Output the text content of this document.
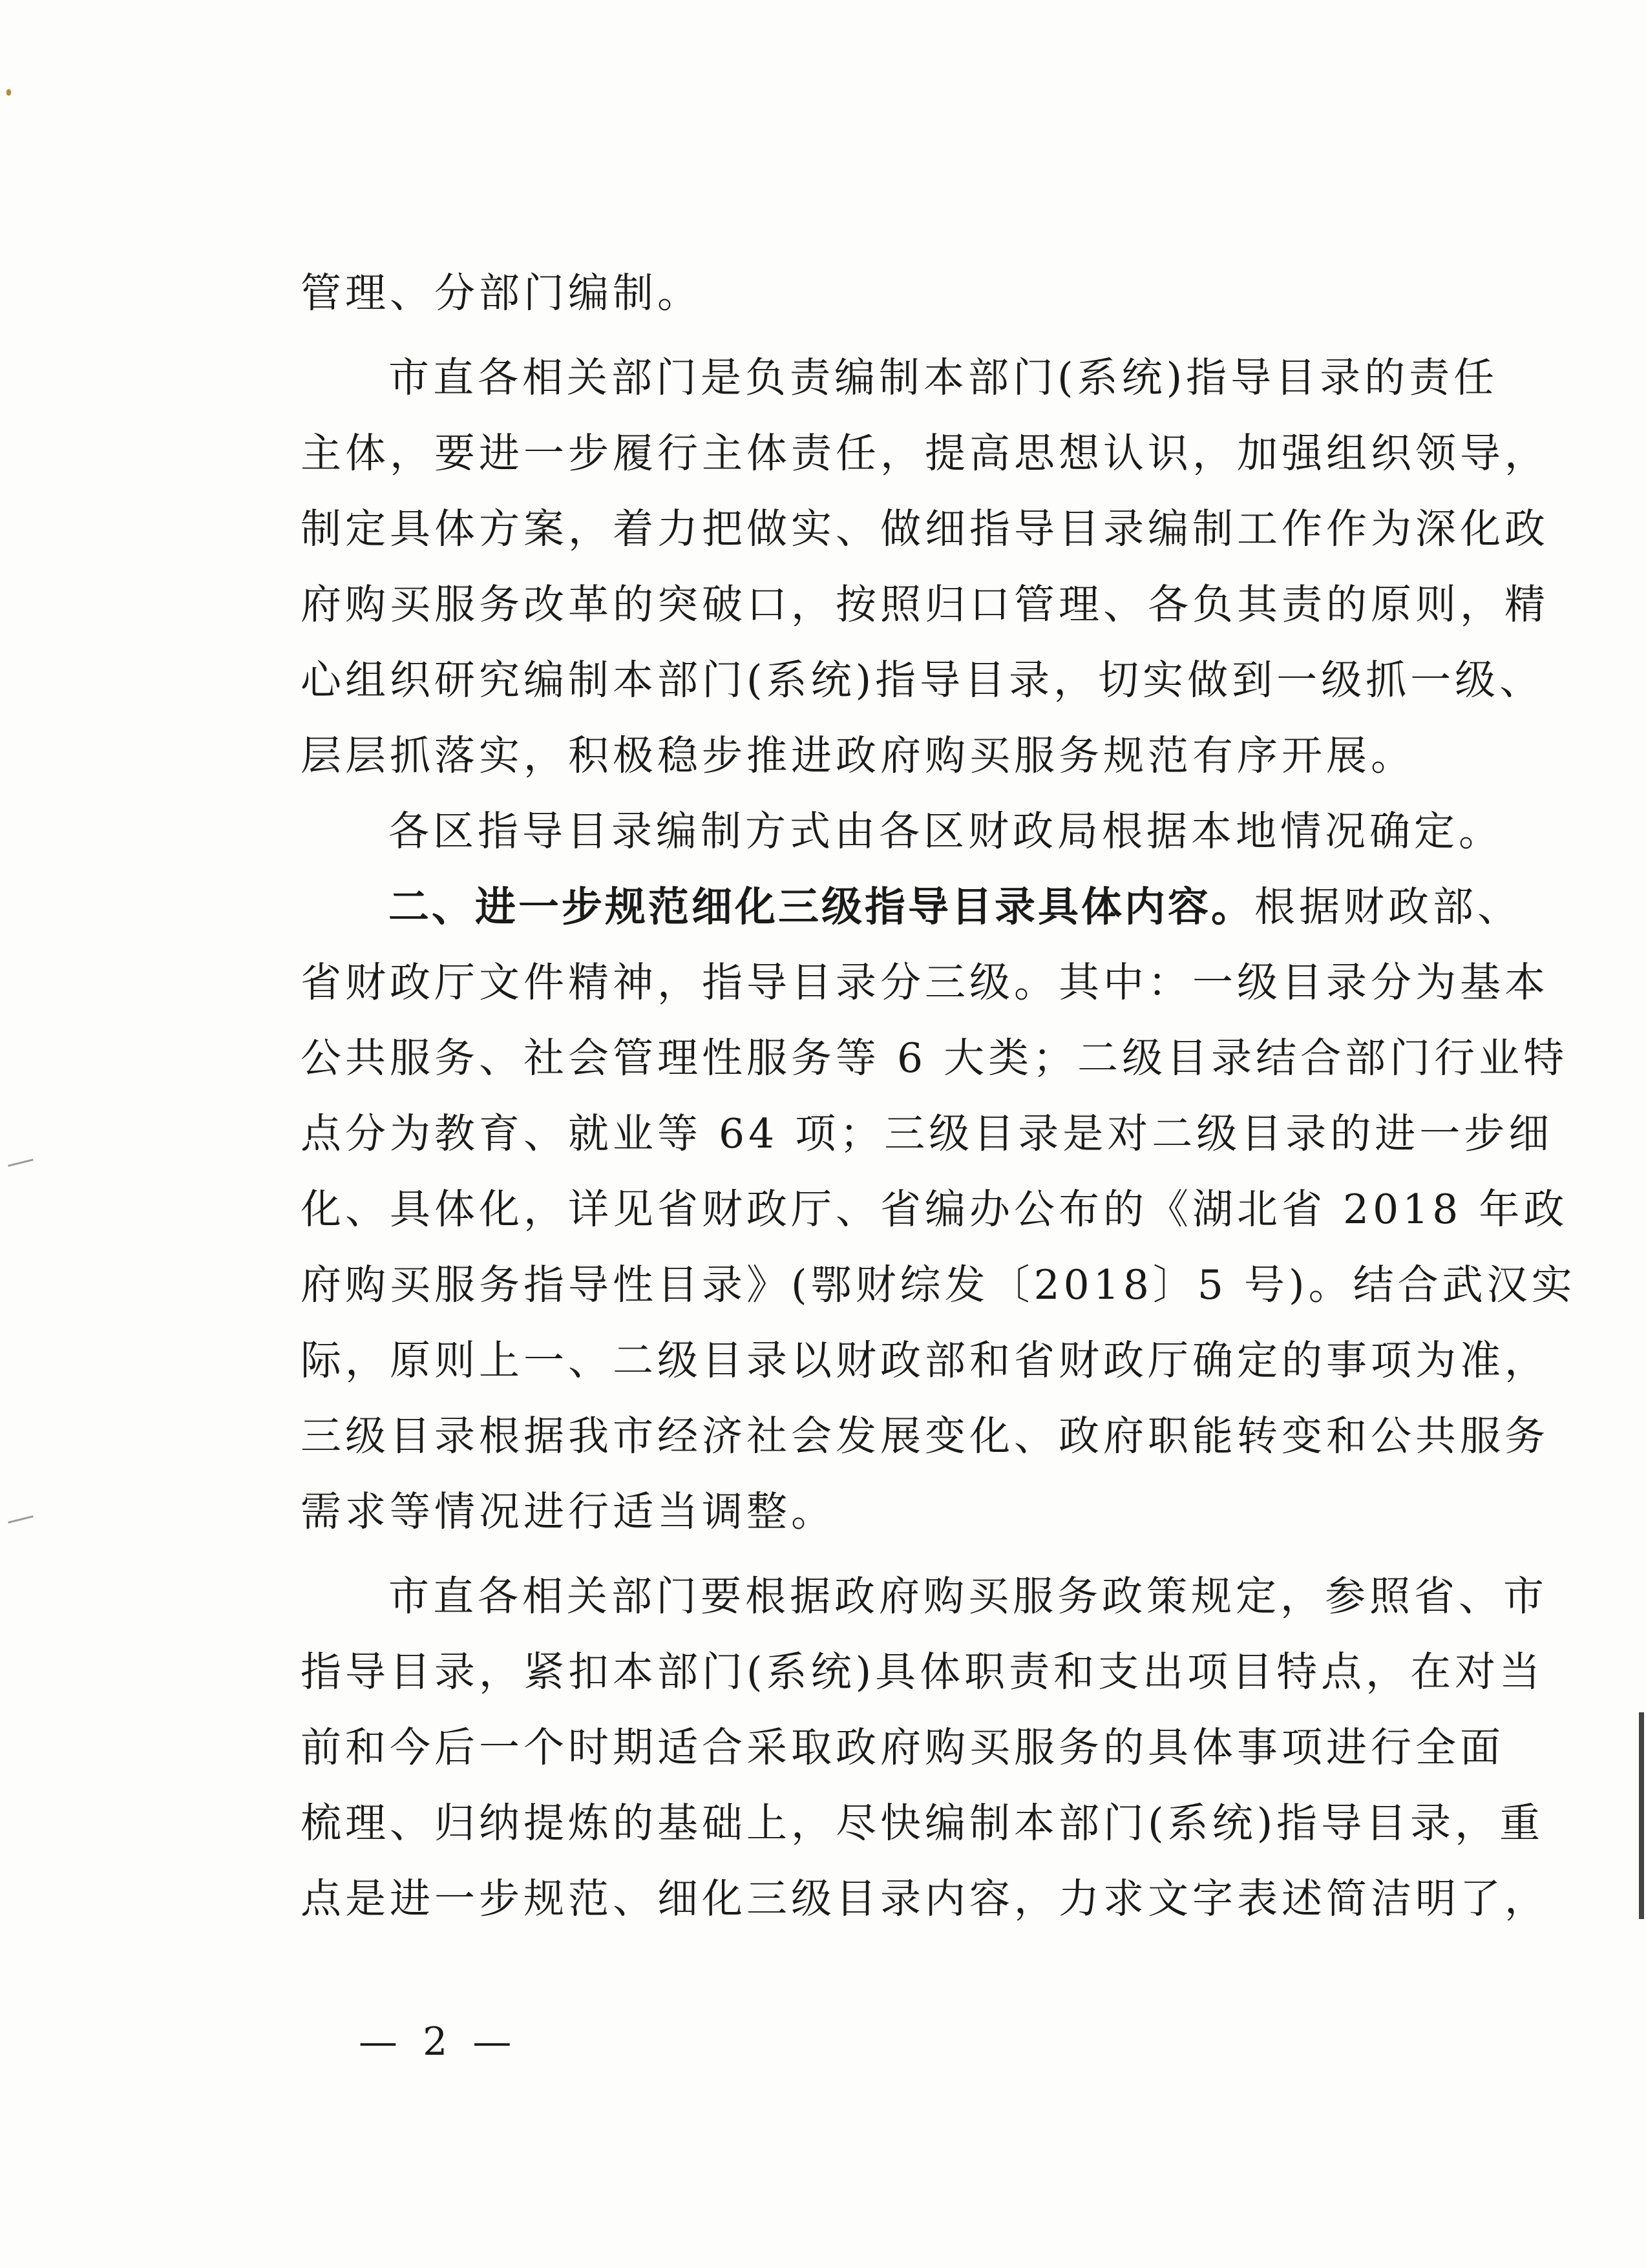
管理、分部门编制。
市直各相关部门是负责编制本部门(系统)指导目录的责任
主体，要进一步履行主体责任，提高思想认识，加强组织领导，
制定具体方案，着力把做实、做细指导目录编制工作作为深化政
府购买服务改革的突破口，按照归口管理、各负其责的原则，精
心组织研究编制本部门(系统)指导目录，切实做到一级抓一级、
层层抓落实，积极稳步推进政府购买服务规范有序开展。
各区指导目录编制方式由各区财政局根据本地情况确定。
二、进一步规范细化三级指导目录具体内容。根据财政部、
省财政厅文件精神，指导目录分三级。其中：一级目录分为基本
公共服务、社会管理性服务等 6 大类；二级目录结合部门行业特
点分为教育、就业等 64 项；三级目录是对二级目录的进一步细
化、具体化，详见省财政厅、省编办公布的《湖北省 2018 年政
府购买服务指导性目录》(鄂财综发〔2018〕5 号)。结合武汉实
际，原则上一、二级目录以财政部和省财政厅确定的事项为准，
三级目录根据我市经济社会发展变化、政府职能转变和公共服务
需求等情况进行适当调整。
市直各相关部门要根据政府购买服务政策规定，参照省、市
指导目录，紧扣本部门(系统)具体职责和支出项目特点，在对当
前和今后一个时期适合采取政府购买服务的具体事项进行全面
梳理、归纳提炼的基础上，尽快编制本部门(系统)指导目录，重
点是进一步规范、细化三级目录内容，力求文字表述简洁明了，
— 2 —
